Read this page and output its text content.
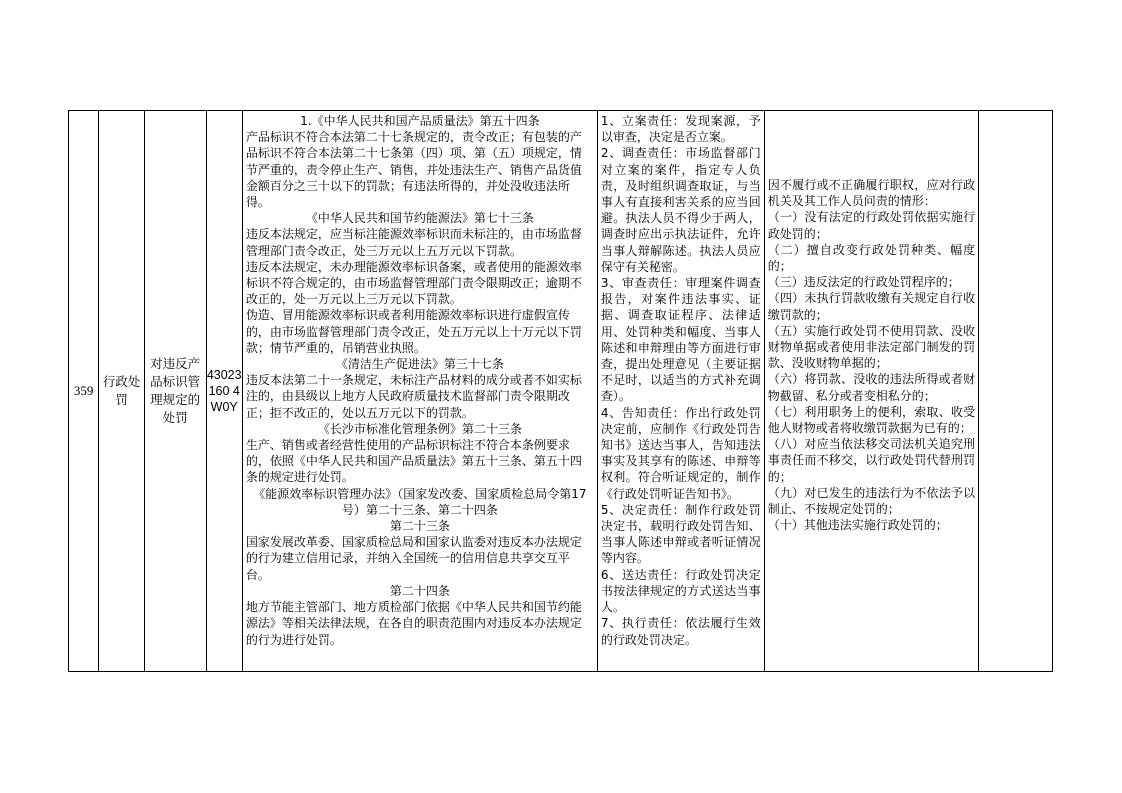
359	行政处罚	对违反产品标识管理规定的处罚	43023160 4W0Y	
1.《中华人民共和国产品质量法》第五十四条
产品标识不符合本法第二十七条规定的，责令改正；有包装的产品标识不符合本法第二十七条第（四）项、第（五）项规定，情节严重的，责令停止生产、销售，并处违法生产、销售产品货值金额百分之三十以下的罚款；有违法所得的，并处没收违法所得。
《中华人民共和国节约能源法》第七十三条
违反本法规定，应当标注能源效率标识而未标注的，由市场监督管理部门责令改正，处三万元以上五万元以下罚款。
违反本法规定，未办理能源效率标识备案，或者使用的能源效率标识不符合规定的，由市场监督管理部门责令限期改正；逾期不改正的，处一万元以上三万元以下罚款。
伪造、冒用能源效率标识或者利用能源效率标识进行虚假宣传的，由市场监督管理部门责令改正，处五万元以上十万元以下罚款；情节严重的，吊销营业执照。
《清洁生产促进法》第三十七条
违反本法第二十一条规定，未标注产品材料的成分或者不如实标注的，由县级以上地方人民政府质量技术监督部门责令限期改正；拒不改正的，处以五万元以下的罚款。
《长沙市标准化管理条例》第二十三条
生产、销售或者经营性使用的产品标识标注不符合本条例要求的，依照《中华人民共和国产品质量法》第五十三条、第五十四条的规定进行处罚。
《能源效率标识管理办法》（国家发改委、国家质检总局令第17号）第二十三条、第二十四条
第二十三条
国家发展改革委、国家质检总局和国家认监委对违反本办法规定的行为建立信用记录，并纳入全国统一的信用信息共享交互平台。
第二十四条
地方节能主管部门、地方质检部门依据《中华人民共和国节约能源法》等相关法律法规，在各自的职责范围内对违反本办法规定的行为进行处罚。

1、立案责任：发现案源，予以审查，决定是否立案。
2、调查责任：市场监督部门对立案的案件，指定专人负责，及时组织调查取证，与当事人有直接利害关系的应当回避。执法人员不得少于两人，调查时应出示执法证件，允许当事人辩解陈述。执法人员应保守有关秘密。
3、审查责任：审理案件调查报告，对案件违法事实、证据、调查取证程序、法律适用、处罚种类和幅度、当事人陈述和申辩理由等方面进行审查，提出处理意见（主要证据不足时，以适当的方式补充调查）。
4、告知责任：作出行政处罚决定前，应制作《行政处罚告知书》送达当事人，告知违法事实及其享有的陈述、申辩等权利。符合听证规定的，制作《行政处罚听证告知书》。
5、决定责任：制作行政处罚决定书，载明行政处罚告知、当事人陈述申辩或者听证情况等内容。
6、送达责任：行政处罚决定书按法律规定的方式送达当事人。
7、执行责任：依法履行生效的行政处罚决定。

因不履行或不正确履行职权，应对行政机关及其工作人员问责的情形：
（一）没有法定的行政处罚依据实施行政处罚的；
（二）擅自改变行政处罚种类、幅度的；
（三）违反法定的行政处罚程序的；
（四）未执行罚款收缴有关规定自行收缴罚款的；
（五）实施行政处罚不使用罚款、没收财物单据或者使用非法定部门制发的罚款、没收财物单据的；
（六）将罚款、没收的违法所得或者财物截留、私分或者变相私分的；
（七）利用职务上的便利，索取、收受他人财物或者将收缴罚款据为已有的；
（八）对应当依法移交司法机关追究刑事责任而不移交，以行政处罚代替刑罚的；
（九）对已发生的违法行为不依法予以制止、不按规定处罚的；
（十）其他违法实施行政处罚的；
